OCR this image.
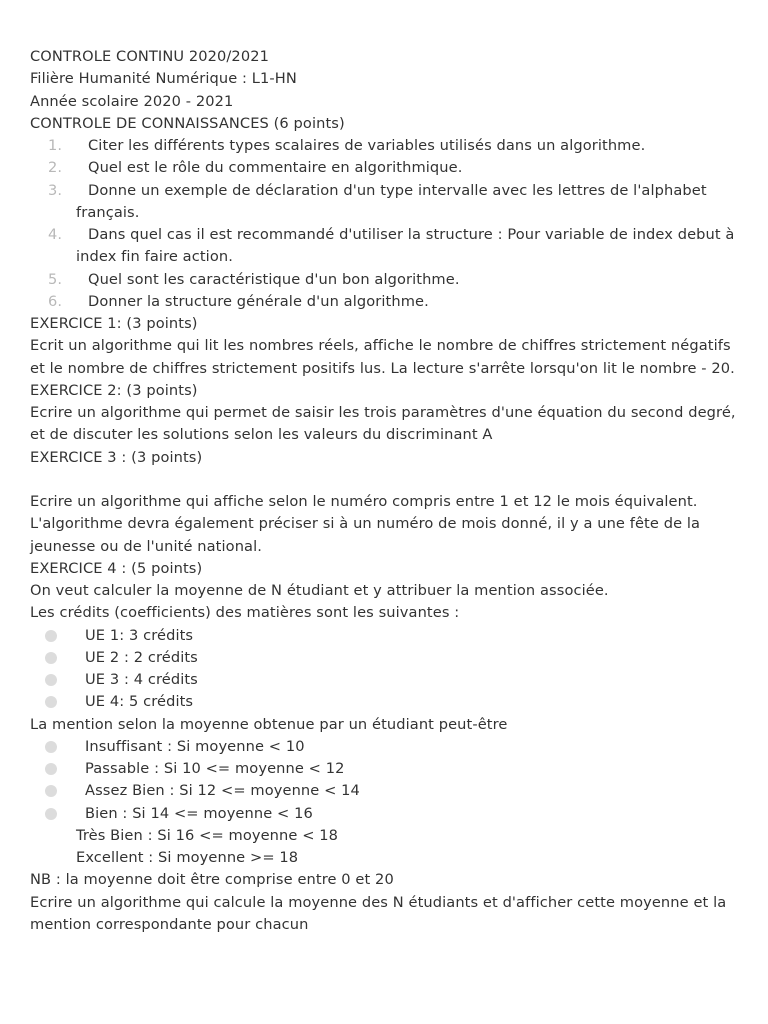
CONTROLE CONTINU 2020/2021
Filière Humanité Numérique : L1-HN
Année scolaire 2020 - 2021
CONTROLE DE CONNAISSANCES (6 points)
1.	Citer les différents types scalaires de variables utilisés dans un algorithme.
2.	Quel est le rôle du commentaire en algorithmique.
3.	Donne un exemple de déclaration d'un type intervalle avec les lettres de l'alphabet français.
4.	Dans quel cas il est recommandé d'utiliser la structure : Pour variable de index debut à index fin faire action.
5.	Quel sont les caractéristique d'un bon algorithme.
6.	Donner la structure générale d'un algorithme.
EXERCICE 1: (3 points)
Ecrit un algorithme qui lit les nombres réels, affiche le nombre de chiffres strictement négatifs et le nombre de chiffres strictement positifs lus. La lecture s'arrête lorsqu'on lit le nombre - 20.
EXERCICE 2: (3 points)
Ecrire un algorithme qui permet de saisir les trois paramètres d'une équation du second degré, et de discuter les solutions selon les valeurs du discriminant A
EXERCICE 3 : (3 points)
Ecrire un algorithme qui affiche selon le numéro compris entre 1 et 12 le mois équivalent. L'algorithme devra également préciser si à un numéro de mois donné, il y a une fête de la jeunesse ou de l'unité national.
EXERCICE 4 : (5 points)
On veut calculer la moyenne de N étudiant et y attribuer la mention associée.
Les crédits (coefficients) des matières sont les suivantes :
UE 1: 3 crédits
UE 2 : 2 crédits
UE 3 : 4 crédits
UE 4: 5 crédits
La mention selon la moyenne obtenue par un étudiant peut-être
Insuffisant : Si moyenne < 10
Passable : Si 10 <= moyenne < 12
Assez Bien : Si 12 <= moyenne < 14
Bien : Si 14 <= moyenne < 16
Très Bien : Si 16 <= moyenne < 18
Excellent : Si moyenne >= 18
NB : la moyenne doit être comprise entre 0 et 20
Ecrire un algorithme qui calcule la moyenne des N étudiants et d'afficher cette moyenne et la mention correspondante pour chacun
